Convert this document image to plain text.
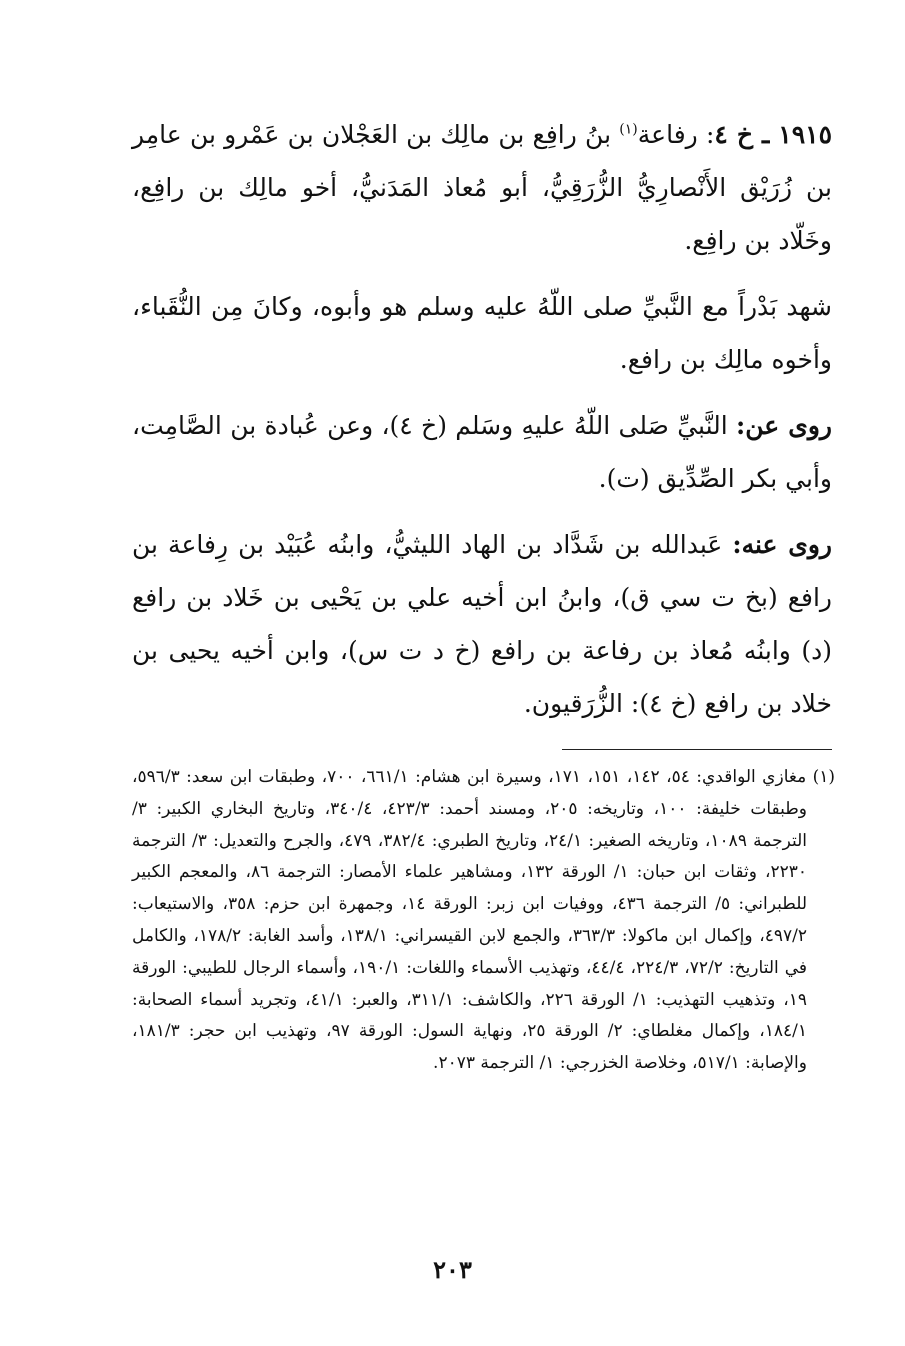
١٩١٥ ـ خ ٤: رفاعة$^{(١)}$ بنُ رافِع بن مالِك بن العَجْلان بن عَمْرو بن عامِر بن زُرَيْق الأَنْصارِيُّ الزُّرَقِيُّ، أبو مُعاذ المَدَنيُّ، أخو مالِك بن رافِع، وخَلّاد بن رافِع.

شهد بَدْراً مع النَّبيِّ صلى اللّهُ عليه وسلم هو وأبوه، وكانَ مِن النُّقَباء، وأخوه مالِك بن رافع.

روى عن: النَّبيِّ صَلى اللّهُ عليهِ وسَلم (خ ٤)، وعن عُبادة بن الصَّامِت، وأبي بكر الصِّدِّيق (ت).

روى عنه: عَبدالله بن شَدَّاد بن الهاد الليثيُّ، وابنُه عُبَيْد بن رِفاعة بن رافع (بخ ت سي ق)، وابنُ ابن أخيه علي بن يَحْيى بن خَلاد بن رافع (د) وابنُه مُعاذ بن رفاعة بن رافع (خ د ت س)، وابن أخيه يحيى بن خلاد بن رافع (خ ٤): الزُّرَقيون.

(١) مغازي الواقدي: ٥٤، ١٤٢، ١٥١، ١٧١، وسيرة ابن هشام: ٦٦١/١، ٧٠٠، وطبقات ابن سعد: ٥٩٦/٣، وطبقات خليفة: ١٠٠، وتاريخه: ٢٠٥، ومسند أحمد: ٤٢٣/٣، ٣٤٠/٤، وتاريخ البخاري الكبير: ٣/ الترجمة ١٠٨٩، وتاريخه الصغير: ٢٤/١، وتاريخ الطبري: ٣٨٢/٤، ٤٧٩، والجرح والتعديل: ٣/ الترجمة ٢٢٣٠، وثقات ابن حبان: ١/ الورقة ١٣٢، ومشاهير علماء الأمصار: الترجمة ٨٦، والمعجم الكبير للطبراني: ٥/ الترجمة ٤٣٦، ووفيات ابن زبر: الورقة ١٤، وجمهرة ابن حزم: ٣٥٨، والاستيعاب: ٤٩٧/٢، وإكمال ابن ماكولا: ٣٦٣/٣، والجمع لابن القيسراني: ١٣٨/١، وأسد الغابة: ١٧٨/٢، والكامل في التاريخ: ٧٢/٢، ٢٢٤/٣، ٤٤/٤، وتهذيب الأسماء واللغات: ١٩٠/١، وأسماء الرجال للطيبي: الورقة ١٩، وتذهيب التهذيب: ١/ الورقة ٢٢٦، والكاشف: ٣١١/١، والعبر: ٤١/١، وتجريد أسماء الصحابة: ١٨٤/١، وإكمال مغلطاي: ٢/ الورقة ٢٥، ونهاية السول: الورقة ٩٧، وتهذيب ابن حجر: ١٨١/٣، والإصابة: ٥١٧/١، وخلاصة الخزرجي: ١/ الترجمة ٢٠٧٣.

٢٠٣
